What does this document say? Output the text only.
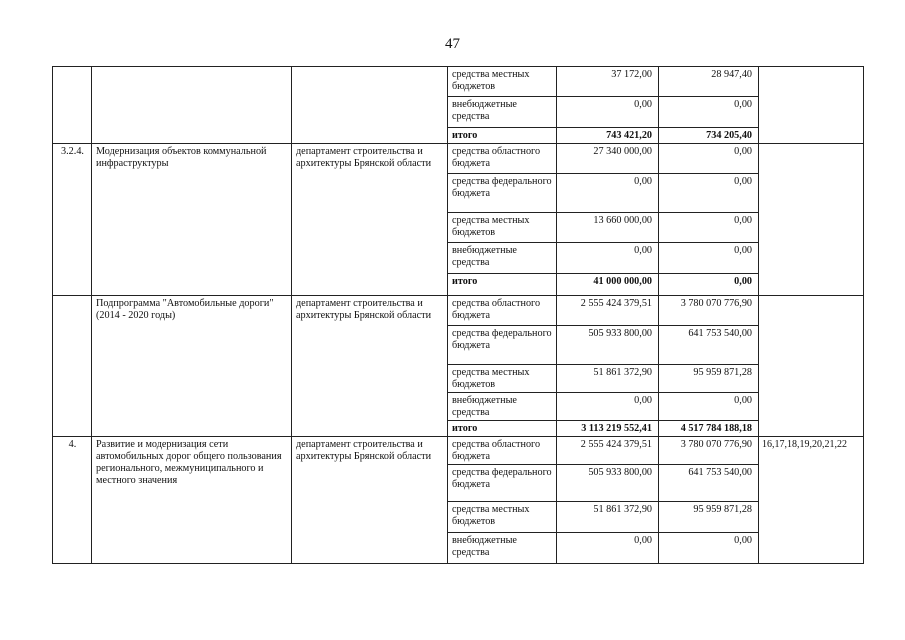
47
			средства местных бюджетов	37 172,00	28 947,40	
			внебюджетные средства	0,00	0,00	
			итого	743 421,20	734 205,40	
3.2.4.	Модернизация объектов коммунальной инфраструктуры	департамент строительства и архитектуры Брянской области	средства областного бюджета	27 340 000,00	0,00	
			средства федерального бюджета	0,00	0,00	
			средства местных бюджетов	13 660 000,00	0,00	
			внебюджетные средства	0,00	0,00	
			итого	41 000 000,00	0,00	
	Подпрограмма "Автомобильные дороги" (2014 - 2020 годы)	департамент строительства и архитектуры Брянской области	средства областного бюджета	2 555 424 379,51	3 780 070 776,90	
			средства федерального бюджета	505 933 800,00	641 753 540,00	
			средства местных бюджетов	51 861 372,90	95 959 871,28	
			внебюджетные средства	0,00	0,00	
			итого	3 113 219 552,41	4 517 784 188,18	
4.	Развитие и модернизация сети автомобильных дорог общего пользования регионального, межмуниципального и местного значения	департамент строительства и архитектуры Брянской области	средства областного бюджета	2 555 424 379,51	3 780 070 776,90	16,17,18,19,20,21,22
			средства федерального бюджета	505 933 800,00	641 753 540,00	
			средства местных бюджетов	51 861 372,90	95 959 871,28	
			внебюджетные средства	0,00	0,00	
